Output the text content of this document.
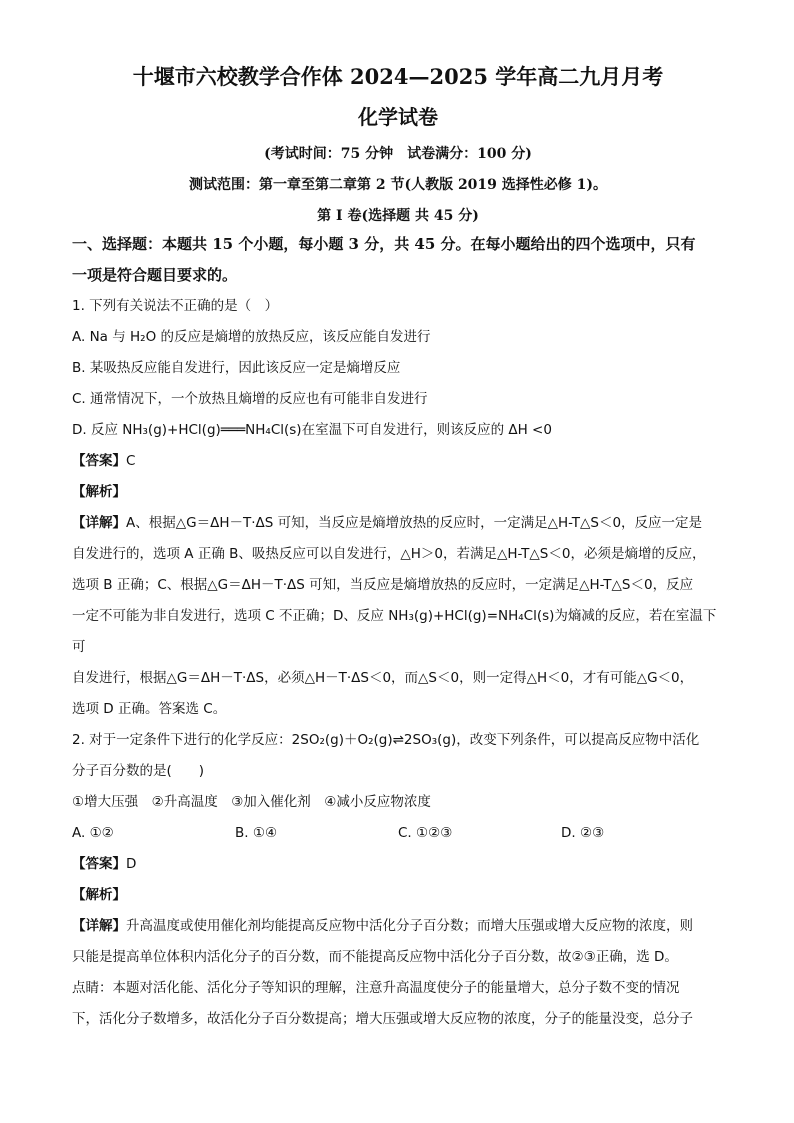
十堰市六校教学合作体 2024—2025 学年高二九月月考
化学试卷
(考试时间：75 分钟　试卷满分：100 分)
测试范围：第一章至第二章第 2 节(人教版 2019 选择性必修 1)。
第 I 卷(选择题 共 45 分)
一、选择题：本题共 15 个小题，每小题 3 分，共 45 分。在每小题给出的四个选项中，只有
一项是符合题目要求的。

1. 下列有关说法不正确的是（　）

A. Na 与 H₂O 的反应是熵增的放热反应，该反应能自发进行

B. 某吸热反应能自发进行，因此该反应一定是熵增反应

C. 通常情况下，一个放热且熵增的反应也有可能非自发进行

D. 反应 NH₃(g)+HCl(g)═══NH₄Cl(s)在室温下可自发进行，则该反应的 ΔH <0

【答案】C

【解析】

【详解】A、根据△G＝ΔH－T·ΔS 可知，当反应是熵增放热的反应时，一定满足△H-T△S＜0，反应一定是

自发进行的，选项 A 正确 B、吸热反应可以自发进行，△H＞0，若满足△H-T△S＜0，必须是熵增的反应，

选项 B 正确；C、根据△G＝ΔH－T·ΔS 可知，当反应是熵增放热的反应时，一定满足△H-T△S＜0，反应

一定不可能为非自发进行，选项 C 不正确；D、反应 NH₃(g)+HCl(g)=NH₄Cl(s)为熵减的反应，若在室温下可

自发进行，根据△G＝ΔH－T·ΔS，必须△H－T·ΔS＜0，而△S＜0，则一定得△H＜0，才有可能△G＜0，

选项 D 正确。答案选 C。

2. 对于一定条件下进行的化学反应：2SO₂(g)＋O₂(g)⇌2SO₃(g)，改变下列条件，可以提高反应物中活化

分子百分数的是(　　)

①增大压强　②升高温度　③加入催化剂　④减小反应物浓度

A. ①②	B. ①④	C. ①②③	D. ②③

【答案】D

【解析】

【详解】升高温度或使用催化剂均能提高反应物中活化分子百分数；而增大压强或增大反应物的浓度，则

只能是提高单位体积内活化分子的百分数，而不能提高反应物中活化分子百分数，故②③正确，选 D。

点睛：本题对活化能、活化分子等知识的理解，注意升高温度使分子的能量增大，总分子数不变的情况

下，活化分子数增多，故活化分子百分数提高；增大压强或增大反应物的浓度，分子的能量没变，总分子
